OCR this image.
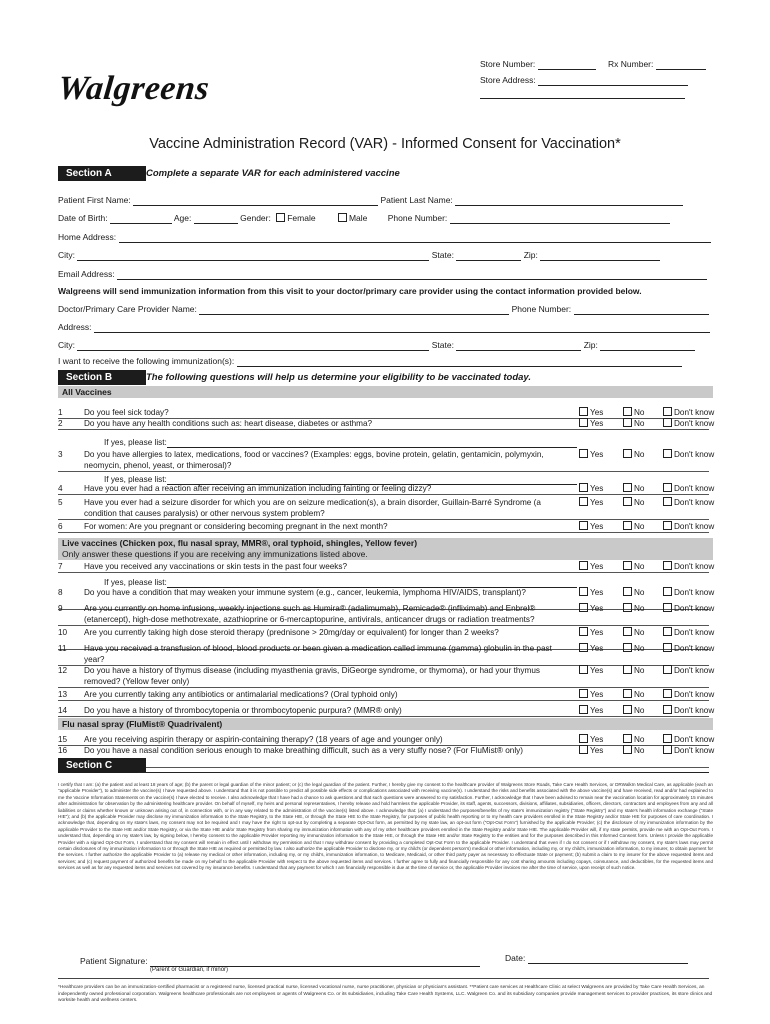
Store Number:	Rx Number:
Store Address:
Walgreens
Vaccine Administration Record (VAR) - Informed Consent for Vaccination*
Section A	Complete a separate VAR for each administered vaccine
Patient First Name:	Patient Last Name:
Date of Birth:	Age:	Gender: Female	Male Phone Number:
Home Address:
City:	State:	Zip:
Email Address:
Walgreens will send immunization information from this visit to your doctor/primary care provider using the contact information provided below.
Doctor/Primary Care Provider Name:	Phone Number:
Address:
City:	State:	Zip:
I want to receive the following immunization(s):
Section B	The following questions will help us determine your eligibility to be vaccinated today.
All Vaccines
1	Do you feel sick today?	Yes	No	Don't know
2	Do you have any health conditions such as: heart disease, diabetes or asthma?	Yes	No	Don't know
If yes, please list:
3	Do you have allergies to latex, medications, food or vaccines? (Examples: eggs, bovine protein, gelatin, gentamicin, polymyxin, neomycin, phenol, yeast, or thimerosal)?
Yes	No	Don't know
If yes, please list:
4	Have you ever had a reaction after receiving an immunization including fainting or feeling dizzy?	Yes	No	Don't know
5	Have you ever had a seizure disorder for which you are on seizure medication(s), a brain disorder, Guillain-Barré Syndrome (a condition that causes paralysis) or other nervous system problem?
Yes	No	Don't know
6	For women: Are you pregnant or considering becoming pregnant in the next month?	Yes	No	Don't know
7	Have you received any vaccinations or skin tests in the past four weeks?	Yes	No	Don't know
If yes, please list:
8	Do you have a condition that may weaken your immune system (e.g., cancer, leukemia, lymphoma HIV/AIDS, transplant)?	Yes	No	Don't know
9	Are you currently on home infusions, weekly injections such as Humira® (adalimumab), Remicade® (infliximab) and Enbrel® (etanercept), high-dose methotrexate, azathioprine or 6-mercaptopurine, antivirals, anticancer drugs or radiation treatments?
Yes	No	Don't know
10 Are you currently taking high dose steroid therapy (prednisone > 20mg/day or equivalent) for longer than 2 weeks?	Yes	No	Don't know
11 Have you received a transfusion of blood, blood products or been given a medication called immune (gamma) globulin in the past year?
Yes	No	Don't know
12 Do you have a history of thymus disease (including myasthenia gravis, DiGeorge syndrome, or thymoma), or had your thymus removed? (Yellow fever only)
Yes	No	Don't know
13 Are you currently taking any antibiotics or antimalarial medications? (Oral typhoid only)	Yes	No	Don't know
14 Do you have a history of thrombocytopenia or thrombocytopenic purpura? (MMR® only)	Yes	No	Don't know
15 Are you receiving aspirin therapy or aspirin-containing therapy? (18 years of age and younger only)	Yes	No	Don't know
16 Do you have a nasal condition serious enough to make breathing difficult, such as a very stuffy nose? (For FluMist® only)	Yes	No	Don't know
Live vaccines (Chicken pox, flu nasal spray, MMR®, oral typhoid, shingles, Yellow fever)
Only answer these questions if you are receiving any immunizations listed above.
Flu nasal spray (FluMist® Quadrivalent)
Section C
I certify that I am: (a) the patient and at least 18 years of age; (b) the parent or legal guardian of the minor patient; or (c) the legal guardian of the patient. Further, I hereby give my consent to the healthcare provider of Walgreens Store Roads, Take Care Health Services, or DRWalkIn Medical Care, as applicable (each an "applicable Provider"), to administer the vaccine(s) I have requested above. I understand that it is not possible to predict all possible side effects or complications associated with receiving vaccine(s). I understand the risks and benefits associated with the above vaccine(s) and have received, read and/or had explained to me the Vaccine Information Statements on the vaccine(s) I have elected to receive. I also acknowledge that I have had a chance to ask questions and that such questions were answered to my satisfaction. Further, I acknowledge that I have been advised to remain near the vaccination location for approximately 15 minutes after administration for observation by the administering healthcare provider. On behalf of myself, my heirs and personal representatives, I hereby release and hold harmless the applicable Provider, its staff, agents, successors, divisions, affiliates, subsidiaries, officers, directors, contractors and employees from any and all liabilities or claims whether known or unknown arising out of, in connection with, or in any way related to the administration of the vaccine(s) listed above. I acknowledge that: (a) I understand the purposes/benefits of my state's immunization registry ("State Registry") and my state's health information exchange ("State HIE"); and (b) the applicable Provider may disclose my immunization information to the State Registry, to the State HIE, or through the State HIE to the State Registry, for purposes of public health reporting or to my health care providers enrolled in the State Registry and/or State HIE for purposes of care coordination. I acknowledge that, depending on my state's laws, my consent may not be required and I may have the right to opt-out by completing a separate Opt-Out form, as permitted by my state law, an opt-out form ("Opt-Out Form") furnished by the applicable Provider; (c) the disclosure of my immunization information by the applicable Provider to the State HIE and/or State Registry, or via the State HIE and/or State Registry from sharing my immunization information with any of my other healthcare providers enrolled in the State Registry and/or State HIE. The applicable Provider will, if my state permits, provide me with an Opt-Out Form. I understand that, depending on my state's law, by signing below, I hereby consent to the applicable Provider reporting my immunization information to the State HIE, or through the State HIE and/or State Registry to the entities and for the purposes described in this Informed Consent form. Unless I provide the applicable Provider with a signed Opt-Out Form, I understand that my consent will remain in effect until I withdraw my permission and that I may withdraw consent by providing a completed Opt-Out Form to the applicable Provider. I understand that even if I do not consent or if I withdraw my consent, my state's laws may permit certain disclosures of my immunization information to or through the State HIE as required or permitted by law. I also authorize the applicable Provider to disclose my, or my child's (or dependent person's) medical or other information, including my, or my child's, immunization information, to my insurer, to obtain payment for the services. I further authorize the applicable Provider to (a) release my medical or other information, including my, or my child's, immunization information, to Medicare, Medicaid, or other third party payer as necessary to effectuate State or payment; (b) submit a claim to my insurer for the above requested items and services; and (c) request payment of authorized benefits be made on my behalf to the applicable Provider with respect to the above requested items and services. I further agree to fully and financially responsible for any cost sharing amounts including copays, coinsurance, and deductibles, for the requested items and services as well as for any requested items and services not covered by my insurance benefits. I understand that any payment for which I am financially responsible is due at the time of service or, the applicable Provider invoices me after the time of service, upon receipt of such notice.
Patient Signature:
(Parent or Guardian, if minor)
Date:
*Healthcare providers can be an immunization-certified pharmacist or a registered nurse, licensed practical nurse, licensed vocational nurse, nurse practitioner, physician or physician's assistant. **Patient care services at Healthcare Clinic at select Walgreens are provided by Take Care Health Services, an independently owned professional corporation. Walgreens healthcare professionals are not employees or agents of Walgreens Co. or its subsidiaries, including Take Care Health Systems, LLC. Walgreen Co. and its subsidiary companies provide management services to provider practices, its store clinics and worksite health and wellness centers.
